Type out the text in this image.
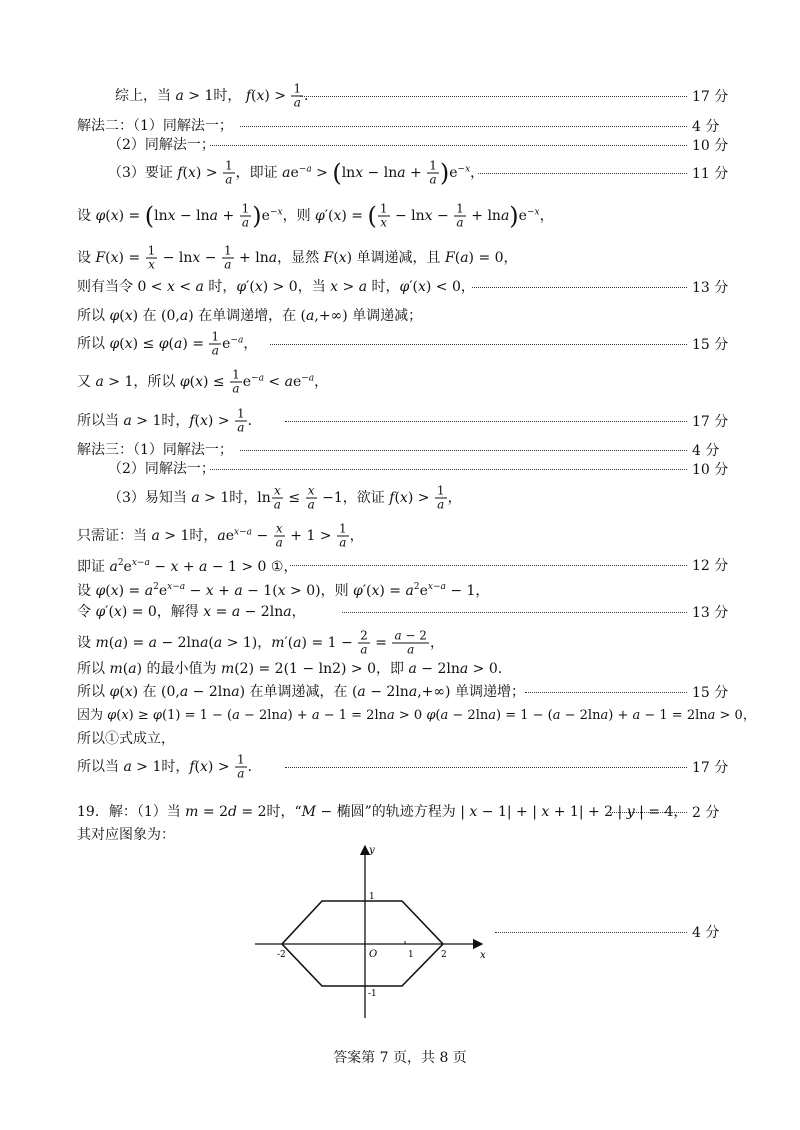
综上，当 a > 1时， $f(x) > \frac{1}{a}$ ．	17 分
解法二：（1）同解法一；	4 分
（2）同解法一；	10 分
（3）要证 $f(x) > \frac{1}{a}$ ，即证 $ae^{-a} > (\ln x - \ln a + \frac{1}{a} )e^{-x}$，	11 分
设 $\varphi(x) = (\ln x - \ln a + \frac{1}{a} )e^{-x}$，则 φ′(x) = ( $\frac{1}{x} - \ln x - \frac{1}{a} + \ln a)e^{-x}$，
设 $F(x) = \frac{1}{x} - \ln x - \frac{1}{a} + \ln a$，显然 F(x) 单调递减，且 F(a) = 0，
则有当令 0 < x < a 时，φ′(x) > 0，当 x > a 时，φ′(x) < 0，	13 分
所以 φ(x) 在 (0,a) 在单调递增，在 (a,+∞) 单调递减；
所以 $\varphi(x) \le \varphi(a) = \frac{1}{a} e^{-a}$，	15 分
又 a > 1，所以 $\varphi(x) \le \frac{1}{a} e^{-a} < ae^{-a}$，
所以当 a > 1时，$f(x) > \frac{1}{a}$ ．	17 分
解法三：（1）同解法一；	4 分
（2）同解法一；	10 分
（3）易知当 a > 1时，$\ln \frac{x}{a} \le \frac{x}{a} -1$，欲证 $f(x) > \frac{1}{a}$ ，
只需证：当 a > 1时，$ae^{x-a} - \frac{x}{a} + 1 > \frac{1}{a}$ ，
即证 $a^2e^{x-a} - x + a - 1 > 0$ ①，	12 分
设 $\varphi(x) = a^2e^{x-a} - x + a - 1(x > 0)$，则 $\varphi'(x) = a^2e^{x-a} - 1$，
令 φ′(x) = 0，解得 x = a − 2lna，	13 分
设 m(a) = a − 2lna(a > 1)，$m'(a) = 1 - \frac{2}{a} = \frac{a - 2}{a}$ ，
所以 m(a) 的最小值为 m(2) = 2(1 − ln2) > 0，即 a − 2lna > 0．
所以 φ(x) 在 (0,a − 2lna) 在单调递减，在 (a − 2lna,+∞) 单调递增；	15 分
因为 φ(x) ≥ φ(1) = 1 − (a − 2lna) + a − 1 = 2lna > 0 φ(a − 2lna) = 1 − (a − 2lna) + a − 1 = 2lna > 0，
所以①式成立，
所以当 a > 1时，$f(x) > \frac{1}{a}$ ．	17 分
19．解：（1）当 m = 2d = 2时，“M − 椭圆”的轨迹方程为 | x − 1| + | x + 1| + 2 | y | = 4， 2 分
其对应图象为：
x
y
O
-2	1	2
1
-1
4 分
答案第 7 页，共 8 页
